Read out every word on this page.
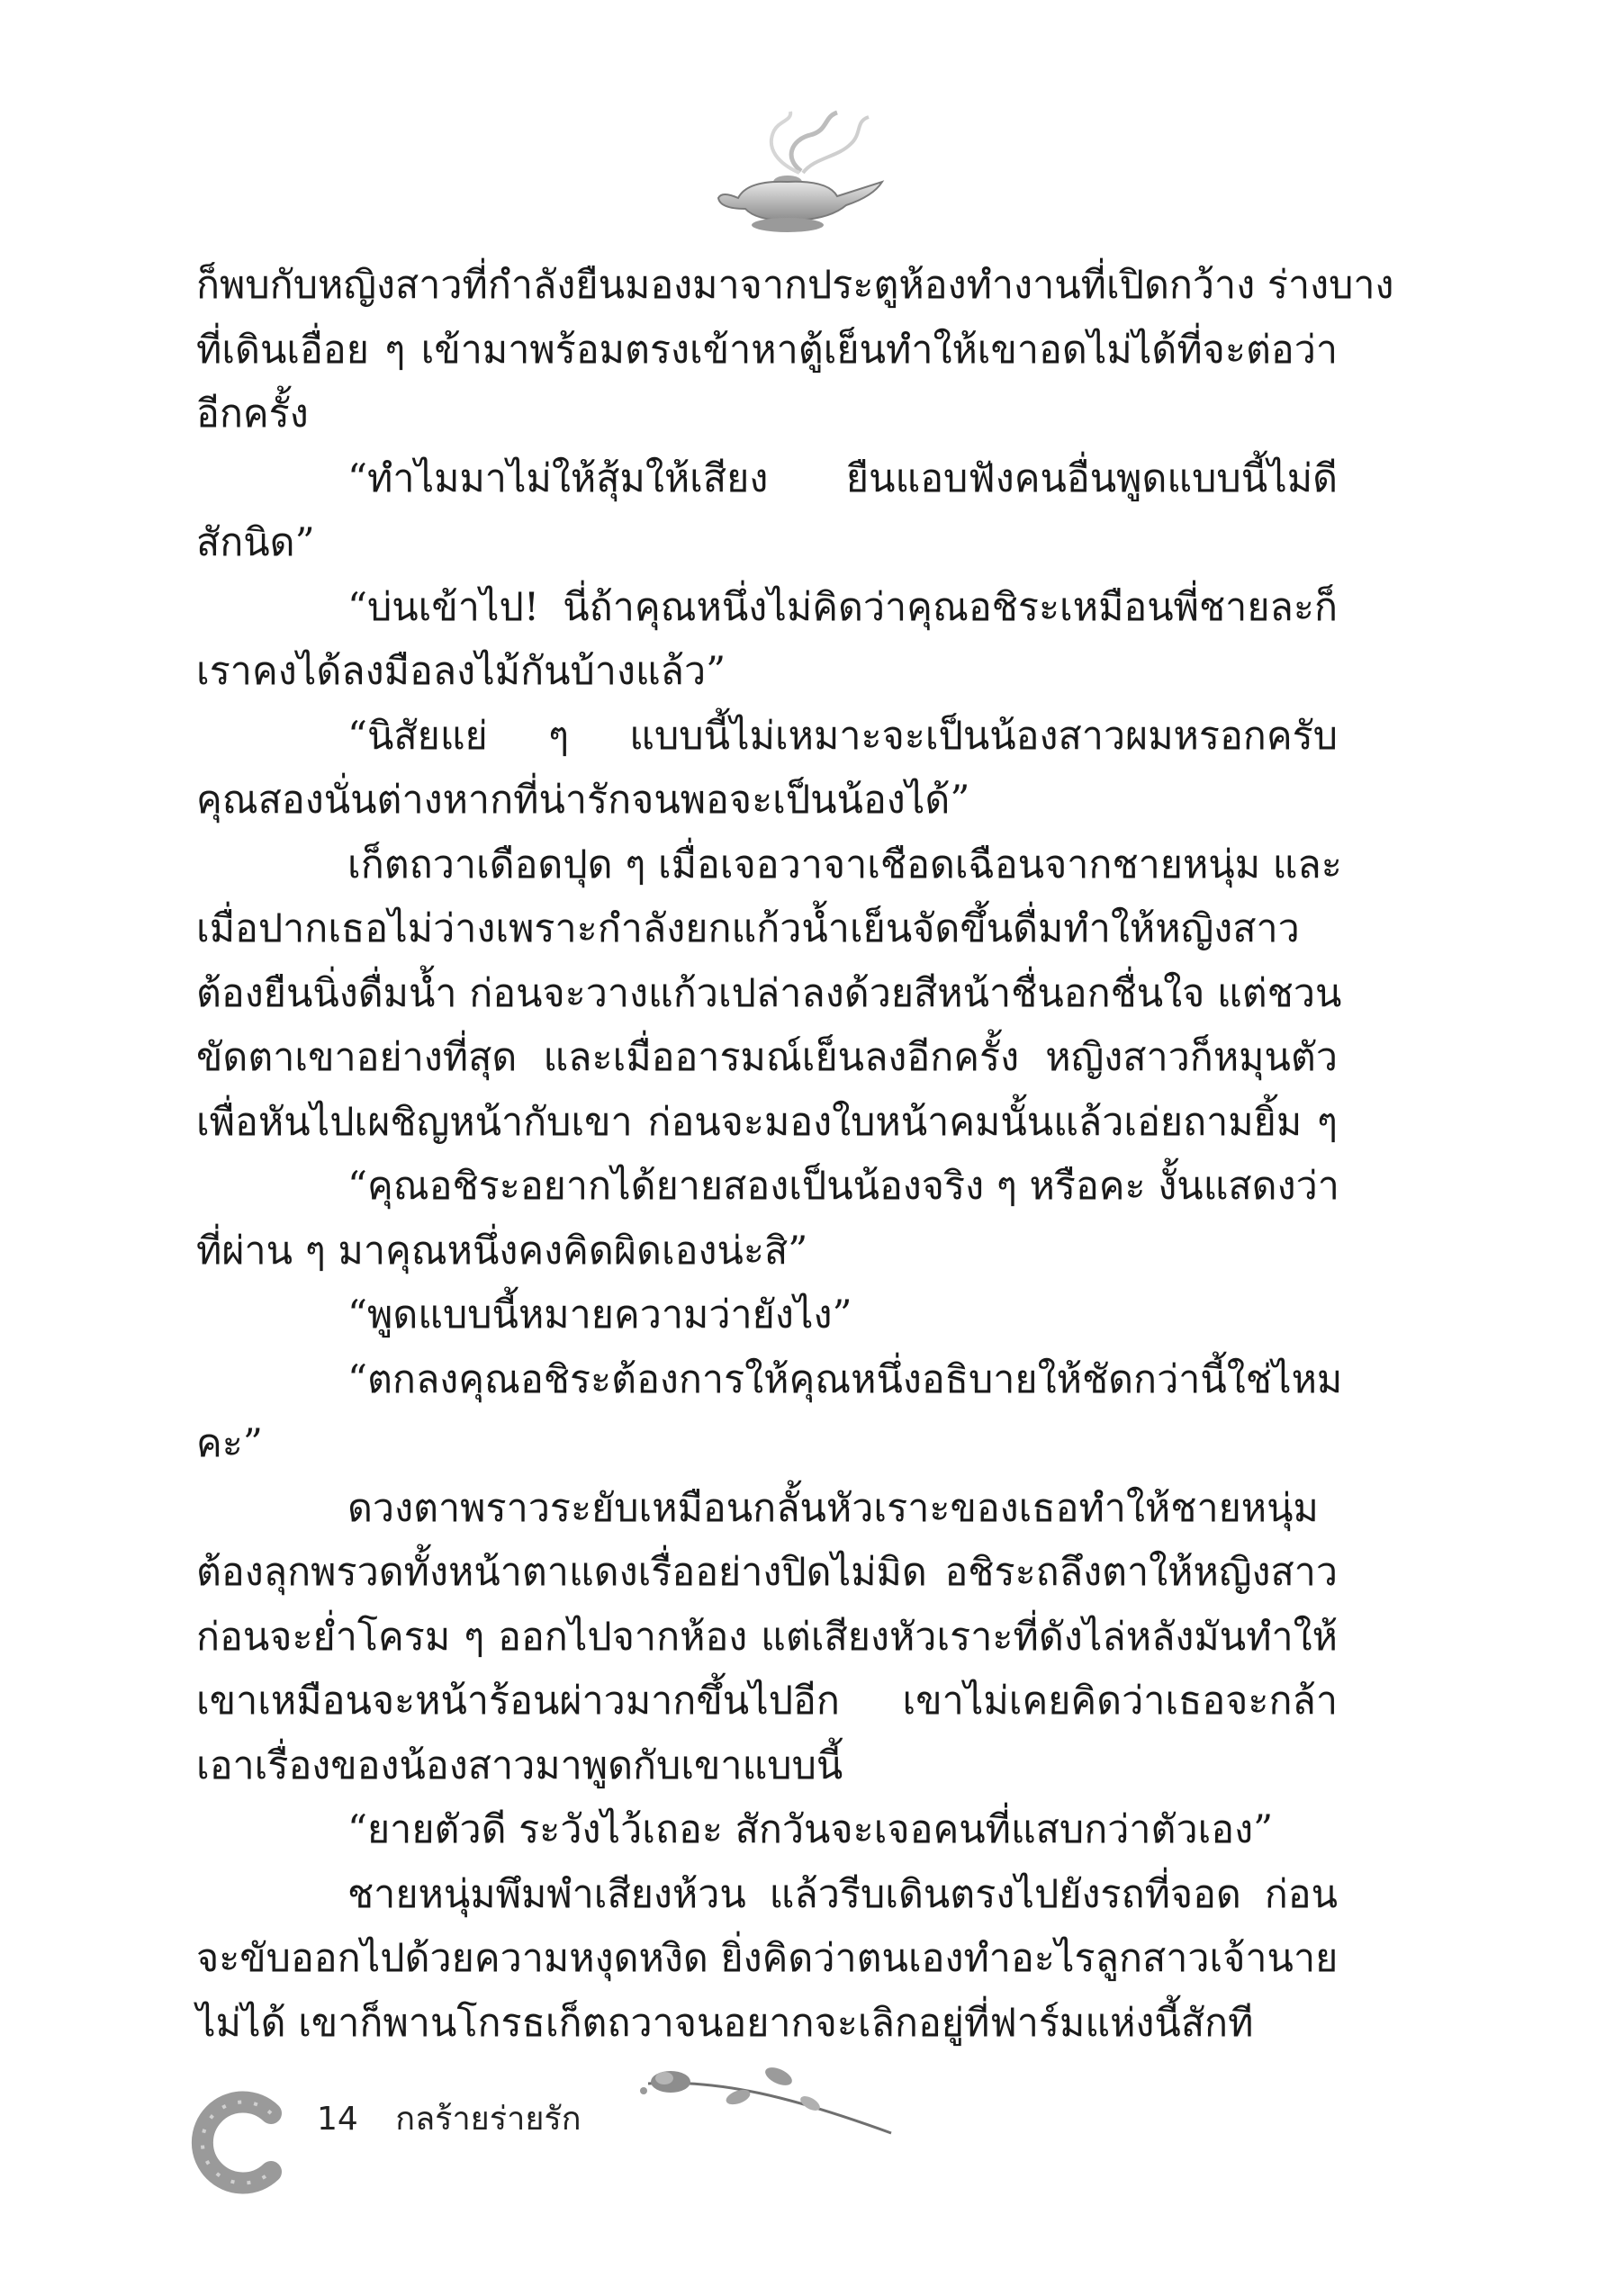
ก็พบกับหญิงสาวที่กำลังยืนมองมาจากประตูห้องทำงานที่เปิดกว้าง ร่างบาง
ที่เดินเอื่อย ๆ เข้ามาพร้อมตรงเข้าหาตู้เย็นทำให้เขาอดไม่ได้ที่จะต่อว่า
อีกครั้ง
“ทำไมมาไม่ให้สุ้มให้เสียง ยืนแอบฟังคนอื่นพูดแบบนี้ไม่ดี
สักนิด”
“บ่นเข้าไป! นี่ถ้าคุณหนึ่งไม่คิดว่าคุณอชิระเหมือนพี่ชายละก็
เราคงได้ลงมือลงไม้กันบ้างแล้ว”
“นิสัยแย่ ๆ แบบนี้ไม่เหมาะจะเป็นน้องสาวผมหรอกครับ
คุณสองนั่นต่างหากที่น่ารักจนพอจะเป็นน้องได้”
เก็ตถวาเดือดปุด ๆ เมื่อเจอวาจาเชือดเฉือนจากชายหนุ่ม และ
เมื่อปากเธอไม่ว่างเพราะกำลังยกแก้วน้ำเย็นจัดขึ้นดื่มทำให้หญิงสาว
ต้องยืนนิ่งดื่มน้ำ ก่อนจะวางแก้วเปล่าลงด้วยสีหน้าชื่นอกชื่นใจ แต่ชวน
ขัดตาเขาอย่างที่สุด และเมื่ออารมณ์เย็นลงอีกครั้ง หญิงสาวก็หมุนตัว
เพื่อหันไปเผชิญหน้ากับเขา ก่อนจะมองใบหน้าคมนั้นแล้วเอ่ยถามยิ้ม ๆ
“คุณอชิระอยากได้ยายสองเป็นน้องจริง ๆ หรือคะ งั้นแสดงว่า
ที่ผ่าน ๆ มาคุณหนึ่งคงคิดผิดเองน่ะสิ”
“พูดแบบนี้หมายความว่ายังไง”
“ตกลงคุณอชิระต้องการให้คุณหนึ่งอธิบายให้ชัดกว่านี้ใช่ไหม
คะ”
ดวงตาพราวระยับเหมือนกลั้นหัวเราะของเธอทำให้ชายหนุ่ม
ต้องลุกพรวดทั้งหน้าตาแดงเรื่ออย่างปิดไม่มิด อชิระถลึงตาให้หญิงสาว
ก่อนจะย่ำโครม ๆ ออกไปจากห้อง แต่เสียงหัวเราะที่ดังไล่หลังมันทำให้
เขาเหมือนจะหน้าร้อนผ่าวมากขึ้นไปอีก เขาไม่เคยคิดว่าเธอจะกล้า
เอาเรื่องของน้องสาวมาพูดกับเขาแบบนี้
“ยายตัวดี ระวังไว้เถอะ สักวันจะเจอคนที่แสบกว่าตัวเอง”
ชายหนุ่มพึมพำเสียงห้วน แล้วรีบเดินตรงไปยังรถที่จอด ก่อน
จะขับออกไปด้วยความหงุดหงิด ยิ่งคิดว่าตนเองทำอะไรลูกสาวเจ้านาย
ไม่ได้ เขาก็พานโกรธเก็ตถวาจนอยากจะเลิกอยู่ที่ฟาร์มแห่งนี้สักที
14 กลร้ายร่ายรัก
